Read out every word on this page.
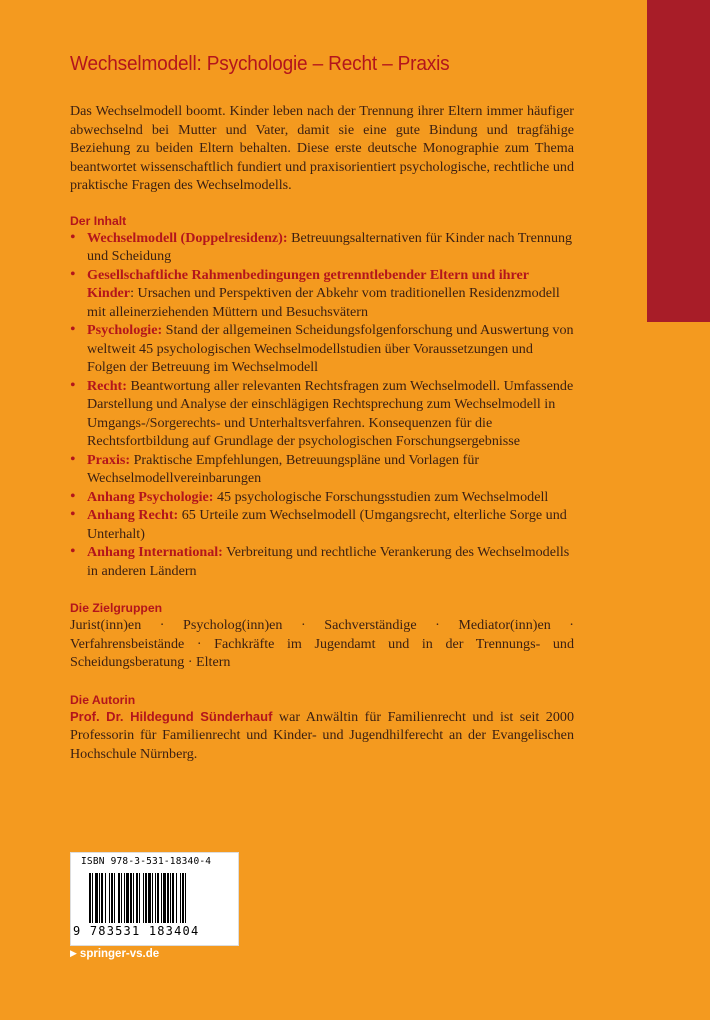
Wechselmodell: Psychologie – Recht – Praxis

Das Wechselmodell boomt. Kinder leben nach der Trennung ihrer Eltern immer häufiger abwechselnd bei Mutter und Vater, damit sie eine gute Bindung und tragfähige Beziehung zu beiden Eltern behalten. Diese erste deutsche Monographie zum Thema beantwortet wissenschaftlich fundiert und praxisorientiert psychologische, rechtliche und praktische Fragen des Wechselmodells.

Der Inhalt
• Wechselmodell (Doppelresidenz): Betreuungsalternativen für Kinder nach Trennung und Scheidung
• Gesellschaftliche Rahmenbedingungen getrenntlebender Eltern und ihrer Kinder: Ursachen und Perspektiven der Abkehr vom traditionellen Residenzmodell mit alleinerziehenden Müttern und Besuchsvätern
• Psychologie: Stand der allgemeinen Scheidungsfolgenforschung und Auswertung von weltweit 45 psychologischen Wechselmodellstudien über Voraussetzungen und Folgen der Betreuung im Wechselmodell
• Recht: Beantwortung aller relevanten Rechtsfragen zum Wechselmodell. Umfassende Darstellung und Analyse der einschlägigen Rechtsprechung zum Wechselmodell in Umgangs-/Sorgerechts- und Unterhaltsverfahren. Konsequenzen für die Rechtsfortbildung auf Grundlage der psychologischen Forschungsergebnisse
• Praxis: Praktische Empfehlungen, Betreuungspläne und Vorlagen für Wechselmodellvereinbarungen
• Anhang Psychologie: 45 psychologische Forschungsstudien zum Wechselmodell
• Anhang Recht: 65 Urteile zum Wechselmodell (Umgangsrecht, elterliche Sorge und Unterhalt)
• Anhang International: Verbreitung und rechtliche Verankerung des Wechselmodells in anderen Ländern
Die Zielgruppen

Jurist(inn)en · Psycholog(inn)en · Sachverständige · Mediator(inn)en · Verfahrensbeistände · Fachkräfte im Jugendamt und in der Trennungs- und Scheidungsberatung · Eltern

Die Autorin

Prof. Dr. Hildegund Sünderhauf war Anwältin für Familienrecht und ist seit 2000 Professorin für Familienrecht und Kinder- und Jugendhilferecht an der Evangelischen Hochschule Nürnberg.

ISBN 978-3-531-18340-4
9 783531 183404
▶ springer-vs.de
